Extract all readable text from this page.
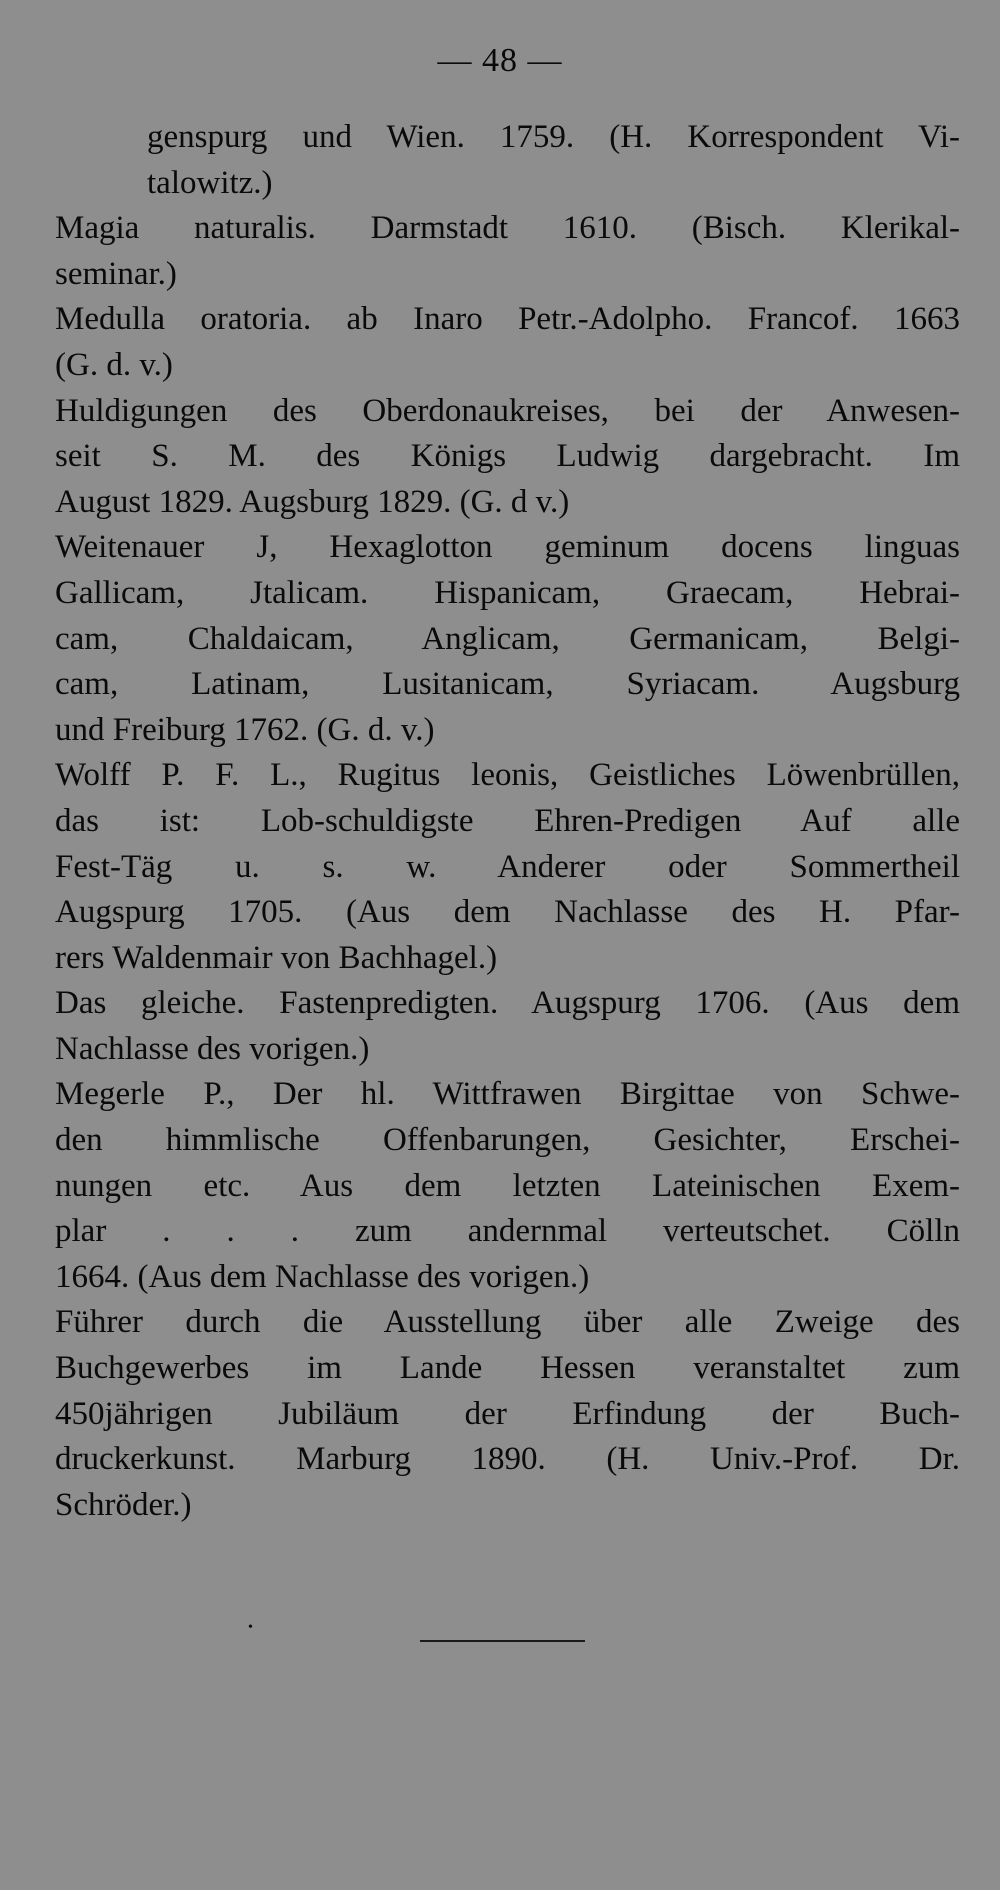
— 48 —

genspurg und Wien. 1759. (H. Korrespondent Vi-
talowitz.)

Magia naturalis. Darmstadt 1610. (Bisch. Klerikal-
seminar.)

Medulla oratoria. ab Inaro Petr.-Adolpho. Francof. 1663
(G. d. v.)

Huldigungen des Oberdonaukreises, bei der Anwesen-
seit S. M. des Königs Ludwig dargebracht. Im
August 1829. Augsburg 1829. (G. d v.)

Weitenauer J, Hexaglotton geminum docens linguas
Gallicam, Jtalicam. Hispanicam, Graecam, Hebrai-
cam, Chaldaicam, Anglicam, Germanicam, Belgi-
cam, Latinam, Lusitanicam, Syriacam. Augsburg
und Freiburg 1762. (G. d. v.)

Wolff P. F. L., Rugitus leonis, Geistliches Löwenbrüllen,
das ist: Lob-schuldigste Ehren-Predigen Auf alle
Fest-Täg u. s. w. Anderer oder Sommertheil
Augspurg 1705. (Aus dem Nachlasse des H. Pfar-
rers Waldenmair von Bachhagel.)

Das gleiche. Fastenpredigten. Augspurg 1706. (Aus dem
Nachlasse des vorigen.)

Megerle P., Der hl. Wittfrawen Birgittae von Schwe-
den himmlische Offenbarungen, Gesichter, Erschei-
nungen etc. Aus dem letzten Lateinischen Exem-
plar . . . zum andernmal verteutschet. Cölln
1664. (Aus dem Nachlasse des vorigen.)

Führer durch die Ausstellung über alle Zweige des
Buchgewerbes im Lande Hessen veranstaltet zum
450jährigen Jubiläum der Erfindung der Buch-
druckerkunst. Marburg 1890. (H. Univ.-Prof. Dr.
Schröder.)

•
